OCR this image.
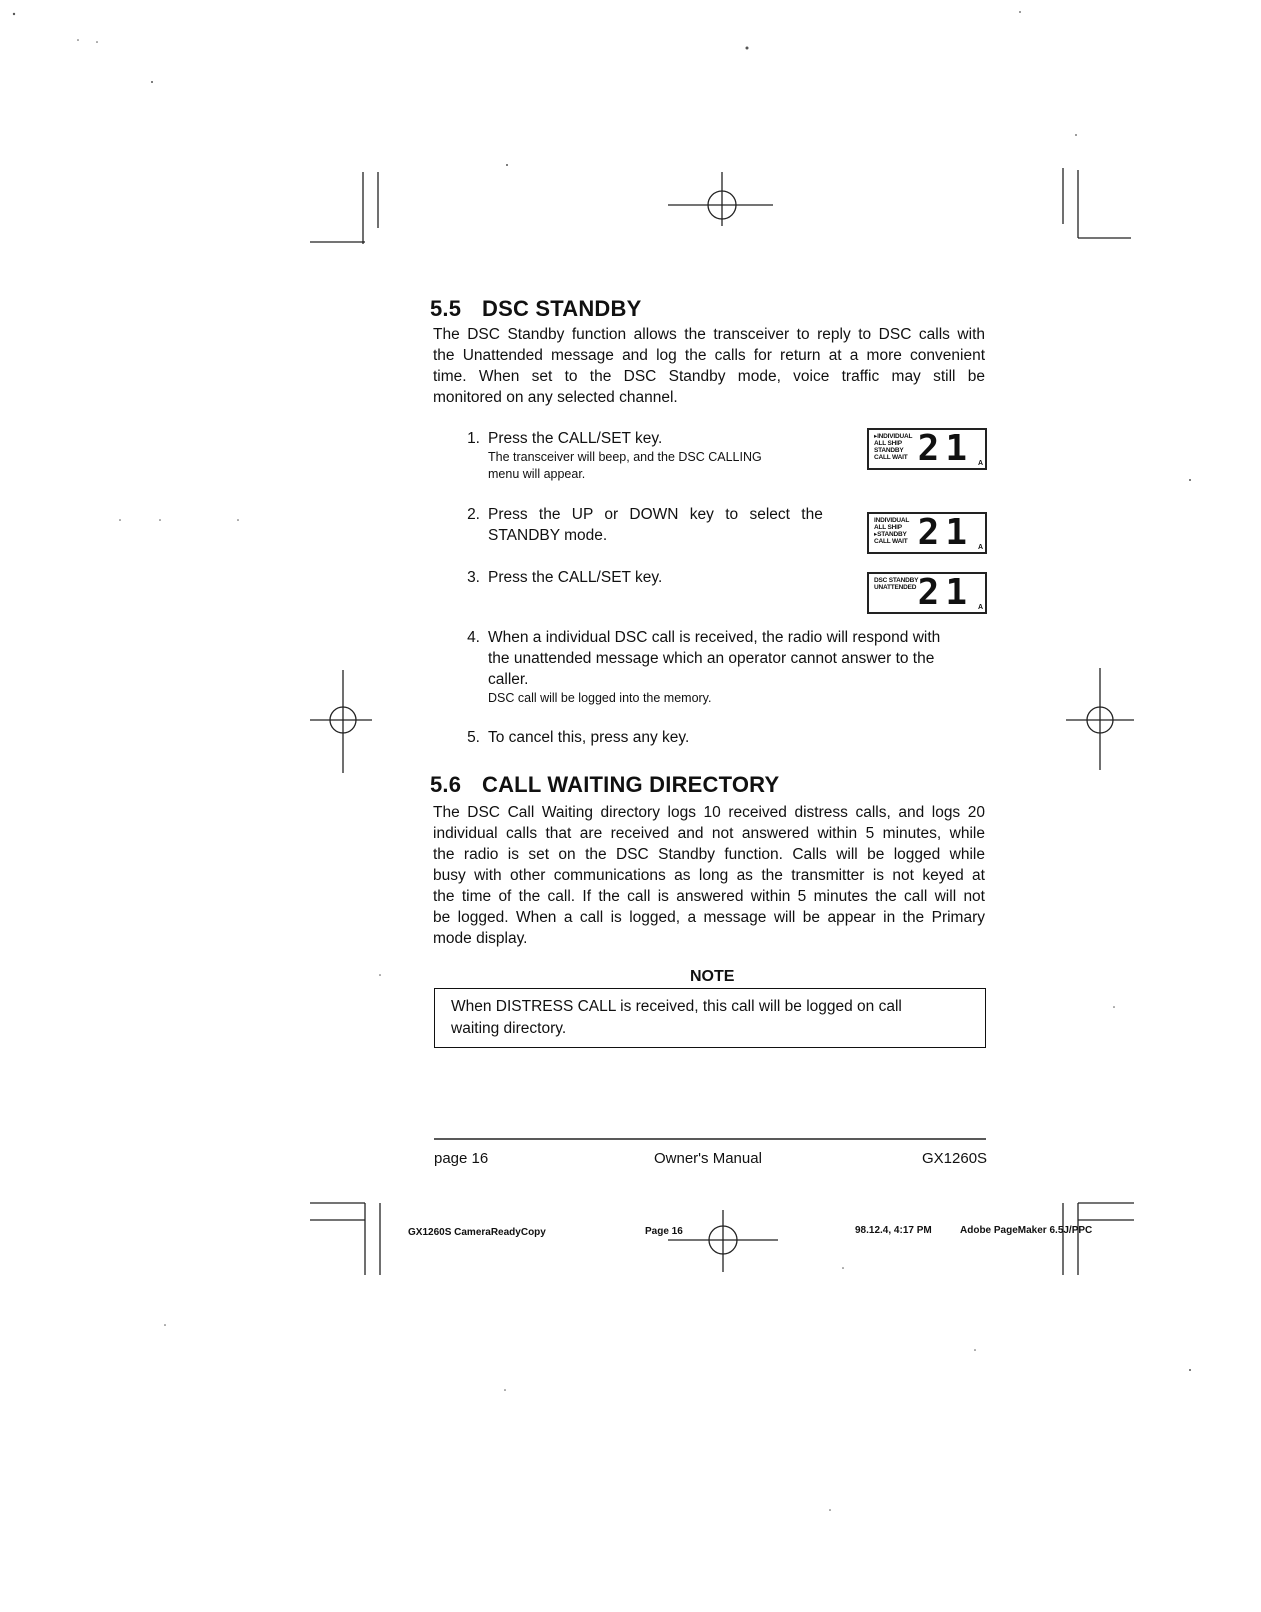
5.5 DSC STANDBY
The DSC Standby function allows the transceiver to reply to DSC calls with
the Unattended message and log the calls for return at a more convenient
time. When set to the DSC Standby mode, voice traffic may still be
monitored on any selected channel.
1. Press the CALL/SET key.
The transceiver will beep, and the DSC CALLING
menu will appear.
2. Press the UP or DOWN key to select the
STANDBY mode.
3. Press the CALL/SET key.
▸INDIVIDUAL
ALL SHIP
STANDBY
CALL WAIT 21 A
INDIVIDUAL
ALL SHIP
▸STANDBY
CALL WAIT 21 A
DSC STANDBY
UNATTENDED 21 A
4. When a individual DSC call is received, the radio will respond with
the unattended message which an operator cannot answer to the
caller.
DSC call will be logged into the memory.
5. To cancel this, press any key.
5.6 CALL WAITING DIRECTORY
The DSC Call Waiting directory logs 10 received distress calls, and logs 20
individual calls that are received and not answered within 5 minutes, while
the radio is set on the DSC Standby function. Calls will be logged while
busy with other communications as long as the transmitter is not keyed at
the time of the call. If the call is answered within 5 minutes the call will not
be logged. When a call is logged, a message will be appear in the Primary
mode display.
NOTE
When DISTRESS CALL is received, this call will be logged on call
waiting directory.
page 16	Owner's Manual	GX1260S
GX1260S CameraReadyCopy	Page 16	98.12.4, 4:17 PM	Adobe PageMaker 6.5J/PPC
